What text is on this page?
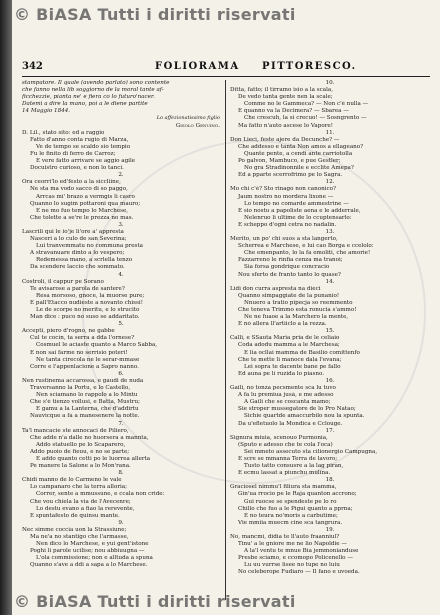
342	FOLIORAMA PITTORESCO.
stampatore. Il quale (avendo parlato) sono contente
che fanno nella lib soggiorno de la moral tante af-
ficchezzie, pianta ne' e fiera co lo futuro'nacer.
Datemi a dire la mano, poi a le diene partite
14 Maggio 1844.
Lo affezionatissimo figlio
Gisolo Genuino.
D. Lil., stato sito: ed a raggio
Fatto d'anno conta rugio di Marza,
Ve de tempo se scaldo sio tempio
Fu le finito di ferro de Carroz;
E vere fatto arrivare se aggio agile
Docuistro curioso, e non lo tanci.
2.
Ora ceorri'lo ed'festo a la siccliine,
Ne sta ma vodo sacco di so paggo,
Arrcas mi' brazo a vermgis li casro
Quanno lo sugim pottaroni qua mauro;
E ne mo fuo tempo lo Marchese,
Che tolette a se're le prezza no mas.
3.
Lascrili qui le io'je li'ore a' appresta
Nasceri a lo culo de san Severina;
Lui tranvemmatu no communa presta
A stravanuare dinto a lo vespero;
Redemessa mano, a scrlella tenzo
Da scendere laccio che sommato.
4.
Costroli, il cappur pe Sorano
Te avisarose a parola de santere?
Resa morsoso, gnoce, la muorse pure;
E pall'Etacco nudieste a novanto chissi!
Le de scorpe no meritu, e lo strucito
Man dice : puco no suso se addaritato.
5.
Accepti, piero d'rogno, ne gabbe
Cul te cocin, ta serra a dda l'ornese?
Cosmuel le aciaste quanto a Marco Sabba,
E non sai farme no serrisio poteri!
Ne tanta cirecola ne le serar-mmase
Corre e l'appenlacione a Sapro nanno.
6.
Nen rustinema accarossa, e gaudi de nuda
Traversanno la Portu, e lo Castello,
Nen sciamano lo rappolo a lo Mintu
Che s'è tienzo vollusi, e Batta, Mustru;
E gamu a la Lanterna, che d'addirtu
Nauvicque a fa a manesenere la notte.
7.
Ta'l mancacie ste annocaci de Piliero,
Che adde n'a dalle no huorsera a mannta,
Addo statuello pe lo Scaparero,
Addo puoio de fieuu, e no se parte;
E addo quanto cetti po le luorrea allerta
Pe manere la Salone a lo Mon'rana.
8.
Chidi manno de lo Carmeno le vale
Lo campanaro che la terra alloria;
Correr, sente a mmussune, e ccala non cride:
Che vou chiela la via de l'Avecenre;
Lo destu evano a fiao la rerevente,
E spuntafesto de quinsu mante.
9.
Nec simme coccia uon la Strassiune;
Ma ne'a no stantigo che l'armasse,
Nen dico lo Marchese, e yui gent'istone
Poghi li parole ucilise; nou abbiuugna —
L'ola commissione; non e alltuda a spuna
Quanno s'ave a ddi a sapa a lo Marchese.
10.
Ditta, fatto; il tirramo isio a la scala,
De vedo tanta gente nen la scale;
Comme no le Gammeca? — Non c'è nulla —
E quanno va la Decimera? — Sbarea —
Che crescuh, la si crecuo! — Sosngrento —
Ma fatto n'auto ascese lo Vapore!
11.
Don Lieci, feste ajere da Decunche? —
Che addesso e tanta Non amos a ellageano?
Quante pente, a cendi ante carriotolla
Po galvon, Mambuco, e pue Gestler;
No gra Stradinonnile e ecclite Amepa?
Ed a pparte scerrofrimo pe lo Sagra.
12.
Mo chi c'è? Sto rinago non canonico?
Jaum nostro no mordera lixone —
Lo tempo no comarde ammestrine —
E sio nostu a papoliste aena e le adderrale,
Nelenruo li ultime de lo ccuptensarlo:
E scheppo d'ogni cetra no nadalin.
13.
Merito, un po' chi suos a sta langerto,
Scherrea e Marchese, e lui cao Borga e ccelolo:
Che emenpanto, lo la fa emoliti, che amorie!
Fazzarreno le rinfia cenza ma tranoi;
Sia forsa gondrique concracio
Nou sferto de franto tanto lo quase?
14.
Lidi don curra aspresta na dieci
Quanno simpaggiate de la punanio!
Nnuero a tratio pipecja so reemmento
Che teneva Trimmo esta ronucia s'ammo!
Ne ne fuaoe a la Marchero la mente,
E nò allera ll'artiiclo a la rezza.
15.
Calli, e SSauta Maria pria de le celiaio
Coda adodu mamma a le Marchesa;
E lia ocllai mamma de Basilio comittenfo
Che te mette li manoce dala l'evana;
Lei sopra te dacente bane pe fallo
Ed auna pe li ruzida lo piasno.
16.
Gaili, no tonza pecsmente sca lu tuvo
A fa lu premiua jusà, e me adesso
A Gaili che se coscanta mamo;
Sie stroper mussegatore de lo Pro Natao;
Sichie quartde amaccurbilo nou la spunta.
Da u'efletuolo la Mondica e Cclouge.
17.
Signura miuia, scenouo Purmonia,
(Sputo e adesso che te cola l'oca)
Sei mmeto assecuto sta cilionergio Campugna,
E scre se mmanna Terra de lavoro;
Tusto tatto consusre a la lag piran,
E ecmu lassat a piunchu mulina.
18.
Graciosel nimmu'l filiura sta mamma,
Gin'ua rrocio pe le Raja quanton accrono;
Gui ruocse se spendeste pe lo ro
Chillo che fuo a le Pigui quanto a pprna;
E no teura no'moris a carbutime;
Vie mmiia muecm cine sca tangrura.
19.
No, mancmi, didia te ll'auto fraanniul?
Tinu' a le gniore me ne lio Napoldie —
A la'l ventu te mnue Bia jemmonianduse
Presbe sciamo, e ccomopo Policenello —
Lu uu vurrse lisee no tupe no luiu
No celeberope Fudiaro — Il fano e uvoeda.
© BiASA Tutti i diritti riservati
© BiASA Tutti i diritti riservati
